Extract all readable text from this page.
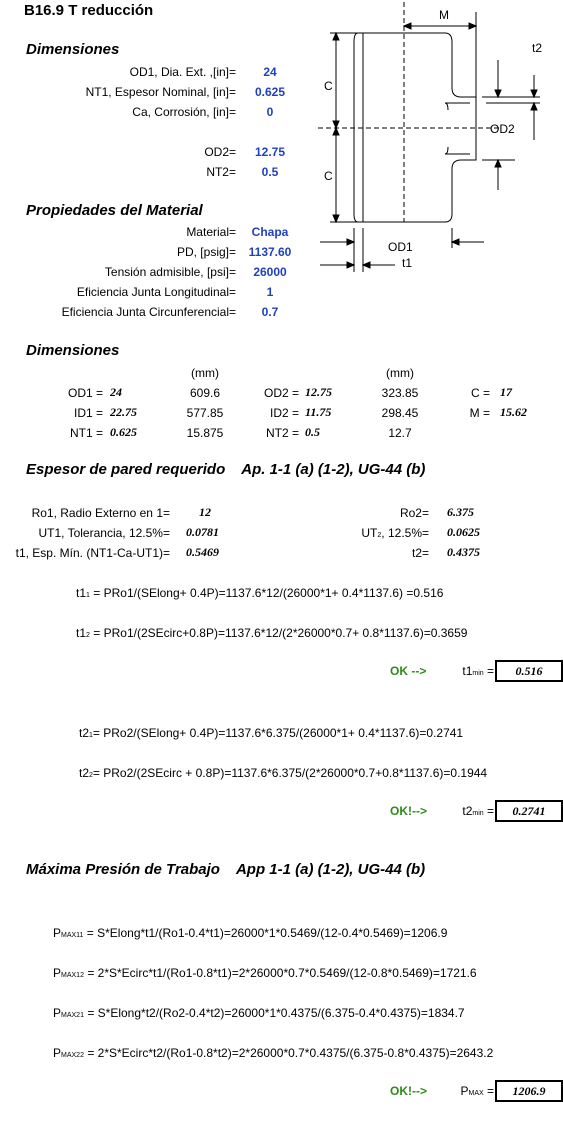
B16.9 T reducción
Dimensiones
OD1, Dia. Ext. ,[in]=	24
NT1, Espesor Nominal, [in]=	0.625
Ca, Corrosión, [in]=	0
OD2=	12.75
NT2=	0.5
Propiedades del Material
Material=	Chapa
PD, [psig]=	1137.60
Tensión admisible, [psi]=	26000
Eficiencia Junta Longitudinal=	1
Eficiencia Junta Circunferencial=	0.7
M
C
C
t2
OD2
OD1
t1
Dimensiones
(mm)	(mm)
OD1 = 24	609.6	OD2 = 12.75	323.85	C = 17
ID1 = 22.75	577.85	ID2 = 11.75	298.45	M = 15.62
NT1 = 0.625	15.875	NT2 = 0.5	12.7
Espesor de pared requerido Ap. 1-1 (a) (1-2), UG-44 (b)
Ro1, Radio Externo en 1=	12
UT1, Tolerancia, 12.5%= 0.0781
t1, Esp. Mín. (NT1-Ca-UT1)= 0.5469
Ro2= 6.375
UT2, 12.5%= 0.0625
t2= 0.4375
t11 = PRo1/(SElong+ 0.4P)=1137.6*12/(26000*1+ 0.4*1137.6) =0.516
t12 = PRo1/(2SEcirc+0.8P)=1137.6*12/(2*26000*0.7+ 0.8*1137.6)=0.3659
OK -->	t1min =	0.516
t21= PRo2/(SElong+ 0.4P)=1137.6*6.375/(26000*1+ 0.4*1137.6)=0.2741
t22= PRo2/(2SEcirc + 0.8P)=1137.6*6.375/(2*26000*0.7+0.8*1137.6)=0.1944
OK!-->	t2min =	0.2741
Máxima Presión de Trabajo App 1-1 (a) (1-2), UG-44 (b)
PMAX11 = S*Elong*t1/(Ro1-0.4*t1)=26000*1*0.5469/(12-0.4*0.5469)=1206.9
PMAX12 = 2*S*Ecirc*t1/(Ro1-0.8*t1)=2*26000*0.7*0.5469/(12-0.8*0.5469)=1721.6
PMAX21 = S*Elong*t2/(Ro2-0.4*t2)=26000*1*0.4375/(6.375-0.4*0.4375)=1834.7
PMAX22 = 2*S*Ecirc*t2/(Ro1-0.8*t2)=2*26000*0.7*0.4375/(6.375-0.8*0.4375)=2643.2
OK!-->	PMAX =	1206.9
